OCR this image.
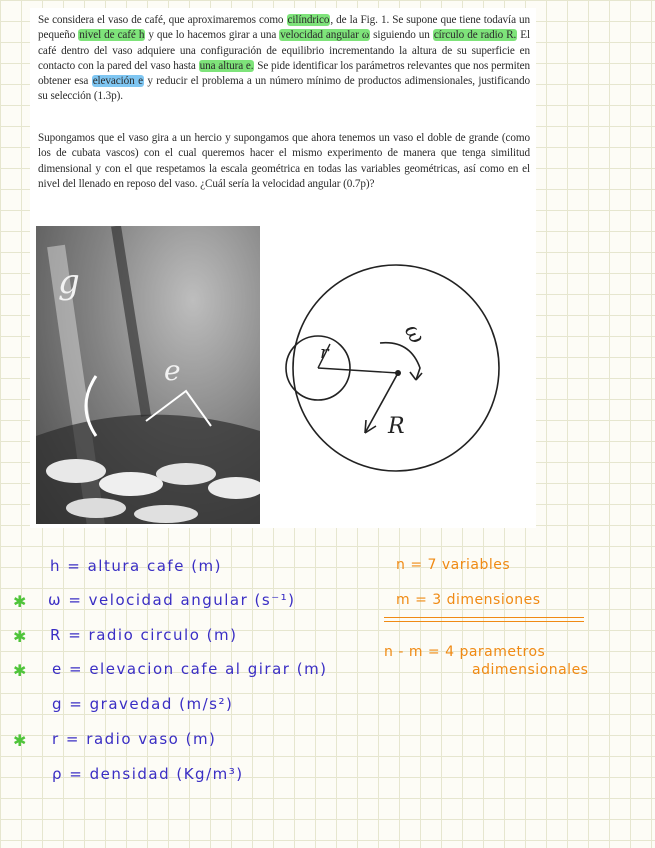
Se considera el vaso de café, que aproximaremos como cilíndrico, de la Fig. 1. Se supone que tiene todavía un pequeño nivel de café h y que lo hacemos girar a una velocidad angular ω siguiendo un círculo de radio R. El café dentro del vaso adquiere una configuración de equilibrio incrementando la altura de su superficie en contacto con la pared del vaso hasta una altura e. Se pide identificar los parámetros relevantes que nos permiten obtener esa elevación e y reducir el problema a un número mínimo de productos adimensionales, justificando su selección (1.3p).

Supongamos que el vaso gira a un hercio y supongamos que ahora tenemos un vaso el doble de grande (como los de cubata vascos) con el cual queremos hacer el mismo experimento de manera que tenga similitud dimensional y con el que respetamos la escala geométrica en todas las variables geométricas, así como en el nivel del llenado en reposo del vaso. ¿Cuál sería la velocidad angular (0.7p)?

g
e
r
ω
R

h = altura cafe (m)

✱ ω = velocidad angular (s⁻¹)

✱ R = radio circulo (m)

✱ e = elevacion cafe al girar (m)

g = gravedad (m/s²)

✱ r = radio vaso (m)

ρ = densidad (Kg/m³)

n = 7 variables

m = 3 dimensiones

n - m = 4 parametros

adimensionales
